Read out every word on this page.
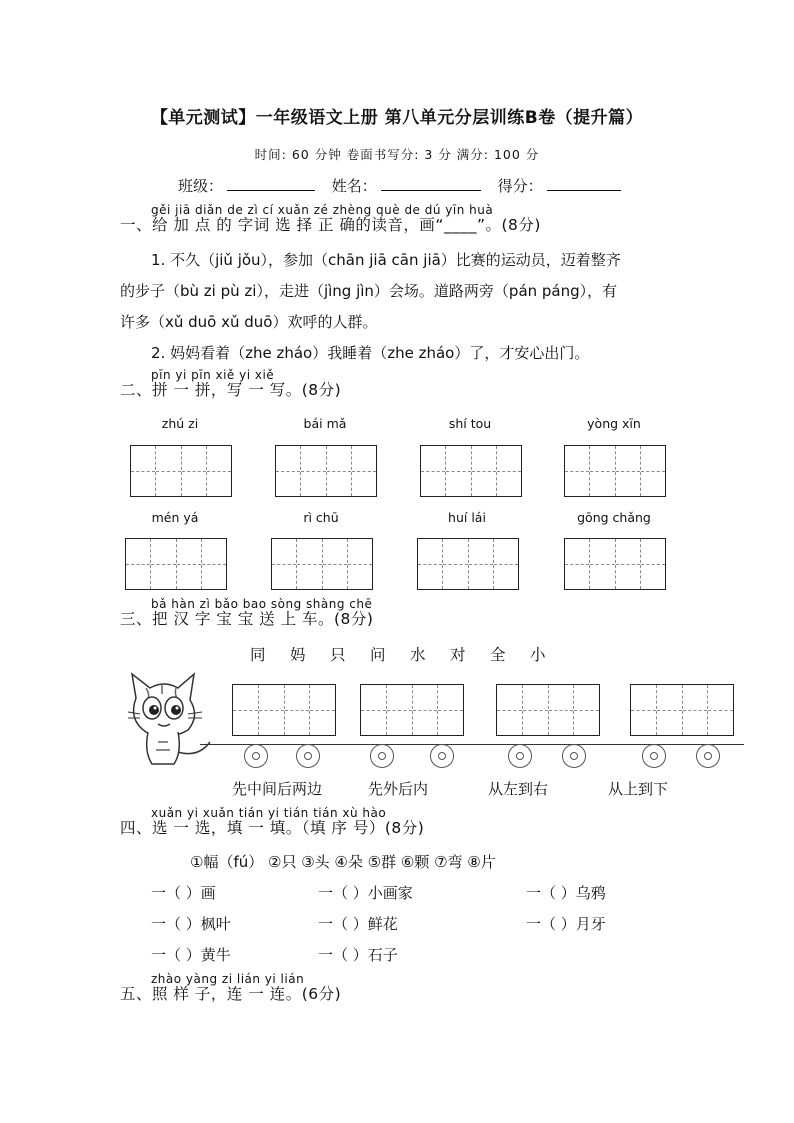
【单元测试】一年级语文上册 第八单元分层训练B卷（提升篇）
时间: 60 分钟 卷面书写分: 3 分 满分: 100 分
班级：	姓名：	得分：
gěi jiā diǎn de zì cí xuǎn zé zhèng què de dú yīn huà
一、给 加 点 的 字词 选 择 正 确的读音，画“____”。(8分)
1. 不久（jiǔ jǒu），参加（chān jiā cān jiā）比赛的运动员，迈着整齐
的步子（bù zi pù zi），走进（jìng jìn）会场。道路两旁（pán páng），有
许多（xǔ duō xǔ duō）欢呼的人群。
2. 妈妈看着（zhe zháo）我睡着（zhe zháo）了，才安心出门。
pīn yi pīn xiě yi xiě
二、拼 一 拼，写 一 写。(8分)
zhú zi	bái mǎ	shí tou	yòng xīn
mén yá	rì chū	huí lái	gōng chǎng
bǎ hàn zì bǎo bao sòng shàng chē
三、把 汉 字 宝 宝 送 上 车。(8分)
同 妈 只 问 水 对 全 小
先中间后两边	先外后内	从左到右	从上到下
xuǎn yi xuǎn tián yi tián tián xù hào
四、选 一 选，填 一 填。（填 序 号）(8分)
①幅（fú） ②只 ③头 ④朵 ⑤群 ⑥颗 ⑦弯 ⑧片
一（ ）画	一（ ）小画家	一（ ）乌鸦
一（ ）枫叶	一（ ）鲜花	一（ ）月牙
一（ ）黄牛	一（ ）石子
zhào yàng zi lián yi lián
五、照 样 子，连 一 连。(6分)
